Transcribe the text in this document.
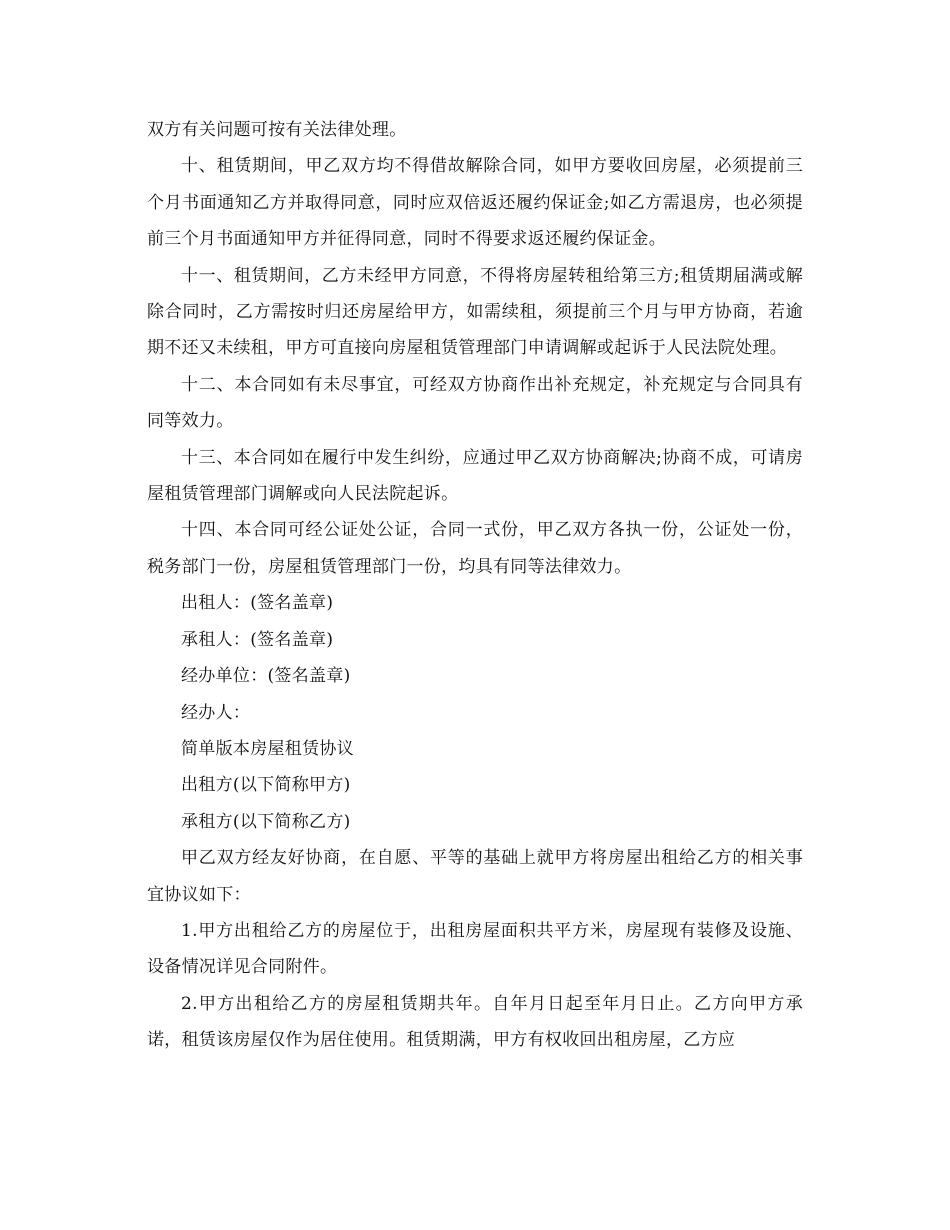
双方有关问题可按有关法律处理。

十、租赁期间，甲乙双方均不得借故解除合同，如甲方要收回房屋，必须提前三个月书面通知乙方并取得同意，同时应双倍返还履约保证金;如乙方需退房，也必须提前三个月书面通知甲方并征得同意，同时不得要求返还履约保证金。

十一、租赁期间，乙方未经甲方同意，不得将房屋转租给第三方;租赁期届满或解除合同时，乙方需按时归还房屋给甲方，如需续租，须提前三个月与甲方协商，若逾期不还又未续租，甲方可直接向房屋租赁管理部门申请调解或起诉于人民法院处理。

十二、本合同如有未尽事宜，可经双方协商作出补充规定，补充规定与合同具有同等效力。

十三、本合同如在履行中发生纠纷，应通过甲乙双方协商解决;协商不成，可请房屋租赁管理部门调解或向人民法院起诉。

十四、本合同可经公证处公证，合同一式份，甲乙双方各执一份，公证处一份，税务部门一份，房屋租赁管理部门一份，均具有同等法律效力。

出租人：(签名盖章)

承租人：(签名盖章)

经办单位：(签名盖章)

经办人：

简单版本房屋租赁协议

出租方(以下简称甲方)

承租方(以下简称乙方)

甲乙双方经友好协商，在自愿、平等的基础上就甲方将房屋出租给乙方的相关事宜协议如下：

1.甲方出租给乙方的房屋位于，出租房屋面积共平方米，房屋现有装修及设施、设备情况详见合同附件。

2.甲方出租给乙方的房屋租赁期共年。自年月日起至年月日止。乙方向甲方承诺，租赁该房屋仅作为居住使用。租赁期满，甲方有权收回出租房屋，乙方应
